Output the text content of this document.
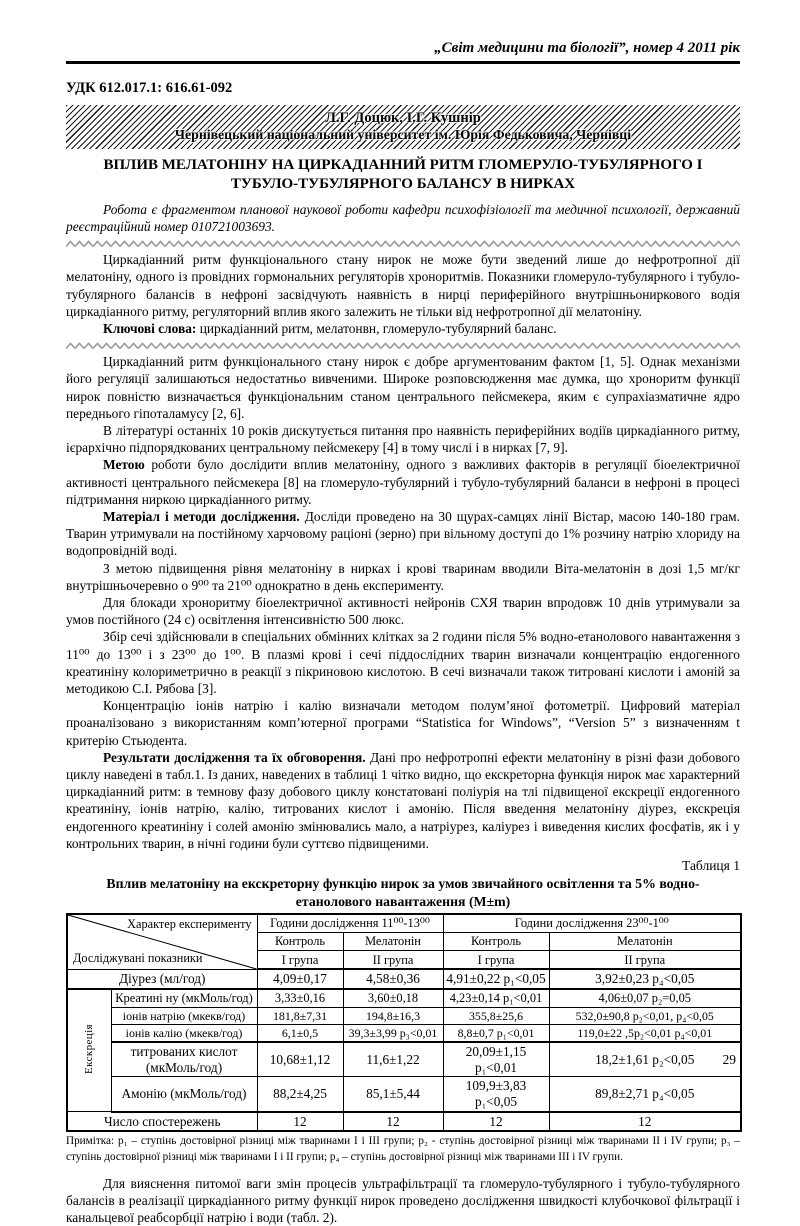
„Світ медицини та біології”, номер 4 2011 рік
УДК 612.017.1: 616.61-092
Л.Г. Доцюк, І.Г. Кушнір
Чернівецький національний університет ім. Юрія Федьковича, Чернівці
ВПЛИВ МЕЛАТОНІНУ НА ЦИРКАДІАННИЙ РИТМ ГЛОМЕРУЛО-ТУБУЛЯРНОГО І ТУБУЛО-ТУБУЛЯРНОГО БАЛАНСУ В НИРКАХ
Робота є фрагментом планової наукової роботи кафедри психофізіології та медичної психології, державний реєстраційний номер 010721003693.
Циркадіанний ритм функціонального стану нирок не може бути зведений лише до нефротропної дії мелатоніну, одного із провідних гормональних регуляторів хроноритмів. Показники гломеруло-тубулярного і тубуло-тубулярного балансів в нефроні засвідчують наявність в нирці периферійного внутрішньониркового водія циркадіанного ритму, регуляторний вплив якого залежить не тільки від нефротропної дії мелатоніну.
Ключові слова: циркадіанний ритм, мелатонвн, гломеруло-тубулярний баланс.
Циркадіанний ритм функціонального стану нирок є добре аргументованим фактом [1, 5]. Однак механізми його регуляції залишаються недостатньо вивченими. Широке розповсюдження має думка, що хроноритм функції нирок повністю визначається функціональним станом центрального пейсмекера, яким є супрахіазматичне ядро переднього гіпоталамусу [2, 6].
В літературі останніх 10 років дискутується питання про наявність периферійних водіїв циркадіанного ритму, ієрархічно підпорядкованих центральному пейсмекеру [4] в тому числі і в нирках [7, 9].
Метою роботи було дослідити вплив мелатоніну, одного з важливих факторів в регуляції біоелектричної активності центрального пейсмекера [8] на гломеруло-тубулярний і тубуло-тубулярний баланси в нефроні в процесі підтримання ниркою циркадіанного ритму.
Матеріал і методи дослідження. Досліди проведено на 30 щурах-самцях лінії Вістар, масою 140-180 грам. Тварин утримували на постійному харчовому раціоні (зерно) при вільному доступі до 1% розчину натрію хлориду на водопровідній воді.
З метою підвищення рівня мелатоніну в нирках і крові тваринам вводили Віта-мелатонін в дозі 1,5 мг/кг внутрішньочеревно о 9⁰⁰ та 21⁰⁰ однократно в день експерименту.
Для блокади хроноритму біоелектричної активності нейронів СХЯ тварин впродовж 10 днів утримували за умов постійного (24 с) освітлення інтенсивністю 500 люкс.
Збір сечі здійснювали в спеціальних обмінних клітках за 2 години після 5% водно-етанолового навантаження з 11⁰⁰ до 13⁰⁰ і з 23⁰⁰ до 1⁰⁰. В плазмі крові і сечі піддослідних тварин визначали концентрацію ендогенного креатиніну колориметрично в реакції з пікриновою кислотою. В сечі визначали також титровані кислоти і амоній за методикою С.І. Рябова [3].
Концентрацію іонів натрію і калію визначали методом полум’яної фотометрії. Цифровий матеріал проаналізовано з використанням комп’ютерної програми “Statistica for Windows”, “Version 5” з визначенням t критерію Стьюдента.
Результати дослідження та їх обговорення. Дані про нефротропні ефекти мелатоніну в різні фази добового циклу наведені в табл.1. Із даних, наведених в таблиці 1 чітко видно, що екскреторна функція нирок має характерний циркадіанний ритм: в темнову фазу добового циклу констатовані поліурія на тлі підвищеної екскреції ендогенного креатиніну, іонів натрію, калію, титрованих кислот і амонію. Після введення мелатоніну діурез, екскреція ендогенного креатиніну і солей амонію змінювались мало, а натріурез, каліурез і виведення кислих фосфатів, як і у контрольних тварин, в нічні години були суттєво підвищеними.
Таблиця 1
Вплив мелатоніну на екскреторну функцію нирок за умов звичайного освітлення та 5% водно-етанолового навантаження (М±m)
Характер експерименту
Досліджувані показники		Години дослідження 11⁰⁰-13⁰⁰		Години дослідження 23⁰⁰-1⁰⁰	
		Контроль	Мелатонін	Контроль	Мелатонін
		І група	ІІ група	І група	ІІ група
Діурез (мл/год)		4,09±0,17	4,58±0,36	4,91±0,22 p₁<0,05	3,92±0,23 p₄<0,05
Екскреція	Креатині ну (мкМоль/год)	3,33±0,16	3,60±0,18	4,23±0,14 p₁<0,01	4,06±0,07 p₂=0,05
	іонів натрію (мкекв/год)	181,8±7,31	194,8±16,3	355,8±25,6	532,0±90,8 p₂<0,01, p₄<0,05
	іонів калію (мкекв/год)	6,1±0,5	39,3±3,99 p₃<0,01	8,8±0,7 p₁<0,01	119,0±22 ,5p₂<0,01 p₄<0,01
	титрованих кислот (мкМоль/год)	10,68±1,12	11,6±1,22	20,09±1,15 p₁<0,01	18,2±1,61 p₂<0,05
	Амонію (мкМоль/год)	88,2±4,25	85,1±5,44	109,9±3,83 p₁<0,05	89,8±2,71 p₄<0,05
Число спостережень		12	12	12	12
Примітка: p₁ – ступінь достовірної різниці між тваринами І і ІІІ групи; p₂ - ступінь достовірної різниці між тваринами ІІ і ІV групи; p₃ – ступінь достовірної різниці між тваринами І і ІІ групи; p₄ – ступінь достовірної різниці між тваринами ІІІ і ІV групи.
Для вияснення питомої ваги змін процесів ультрафільтрації та гломеруло-тубулярного і тубуло-тубулярного балансів в реалізації циркадіанного ритму функції нирок проведено дослідження швидкості клубочкової фільтрації і канальцевої реабсорбції натрію і води (табл. 2).
29
